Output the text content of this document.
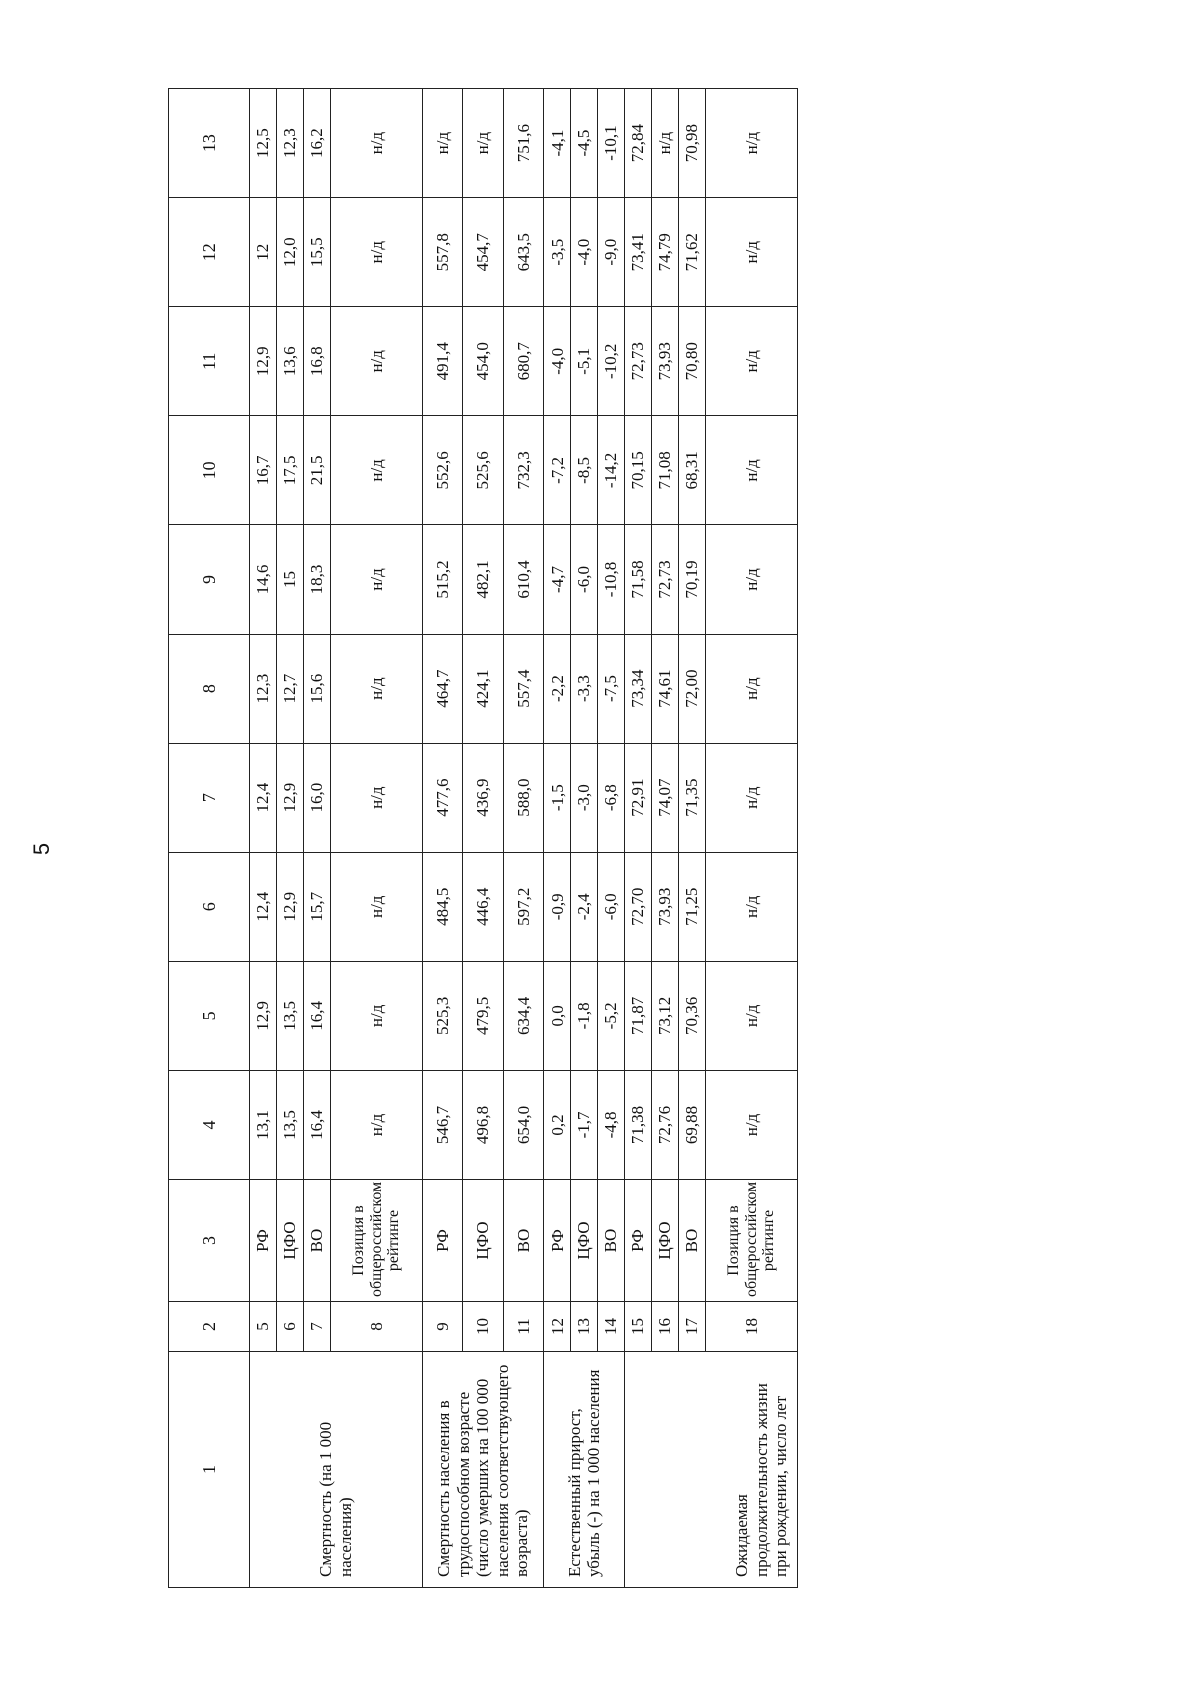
5
1	2	3	4	5	6	7	8	9	10	11	12	13
Смертность (на 1 000 населения)	5	РФ	13,1	12,9	12,4	12,4	12,3	14,6	16,7	12,9	12	12,5
	6	ЦФО	13,5	13,5	12,9	12,9	12,7	15	17,5	13,6	12,0	12,3
	7	ВО	16,4	16,4	15,7	16,0	15,6	18,3	21,5	16,8	15,5	16,2
	8	Позиция в общероссийском рейтинге	н/д	н/д	н/д	н/д	н/д	н/д	н/д	н/д	н/д	н/д
Смертность населения в трудоспособном возрасте (число умерших на 100 000 населения соответствующего возраста)	9	РФ	546,7	525,3	484,5	477,6	464,7	515,2	552,6	491,4	557,8	н/д
	10	ЦФО	496,8	479,5	446,4	436,9	424,1	482,1	525,6	454,0	454,7	н/д
	11	ВО	654,0	634,4	597,2	588,0	557,4	610,4	732,3	680,7	643,5	751,6
Естественный прирост, убыль (-) на 1 000 населения	12	РФ	0,2	0,0	-0,9	-1,5	-2,2	-4,7	-7,2	-4,0	-3,5	-4,1
	13	ЦФО	-1,7	-1,8	-2,4	-3,0	-3,3	-6,0	-8,5	-5,1	-4,0	-4,5
	14	ВО	-4,8	-5,2	-6,0	-6,8	-7,5	-10,8	-14,2	-10,2	-9,0	-10,1
Ожидаемая продолжительность жизни при рождении, число лет	15	РФ	71,38	71,87	72,70	72,91	73,34	71,58	70,15	72,73	73,41	72,84
	16	ЦФО	72,76	73,12	73,93	74,07	74,61	72,73	71,08	73,93	74,79	н/д
	17	ВО	69,88	70,36	71,25	71,35	72,00	70,19	68,31	70,80	71,62	70,98
	18	Позиция в общероссийском рейтинге	н/д	н/д	н/д	н/д	н/д	н/д	н/д	н/д	н/д	н/д
